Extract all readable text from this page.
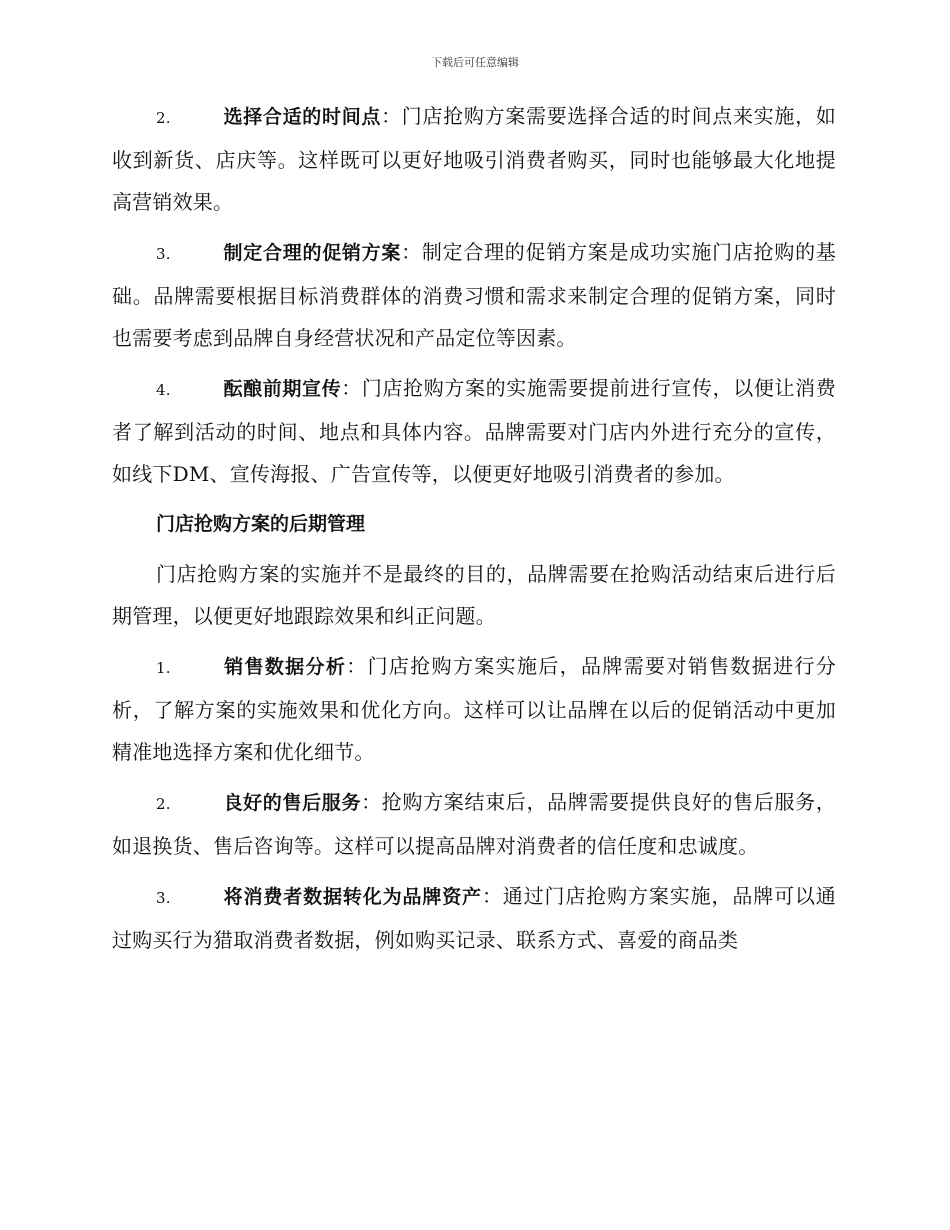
下载后可任意编辑

2.	选择合适的时间点：门店抢购方案需要选择合适的时间点来实施，如收到新货、店庆等。这样既可以更好地吸引消费者购买，同时也能够最大化地提高营销效果。

3.	制定合理的促销方案：制定合理的促销方案是成功实施门店抢购的基础。品牌需要根据目标消费群体的消费习惯和需求来制定合理的促销方案，同时也需要考虑到品牌自身经营状况和产品定位等因素。

4.	酝酿前期宣传：门店抢购方案的实施需要提前进行宣传，以便让消费者了解到活动的时间、地点和具体内容。品牌需要对门店内外进行充分的宣传，如线下DM、宣传海报、广告宣传等，以便更好地吸引消费者的参加。

门店抢购方案的后期管理

门店抢购方案的实施并不是最终的目的，品牌需要在抢购活动结束后进行后期管理，以便更好地跟踪效果和纠正问题。

1.	销售数据分析：门店抢购方案实施后，品牌需要对销售数据进行分析，了解方案的实施效果和优化方向。这样可以让品牌在以后的促销活动中更加精准地选择方案和优化细节。

2.	良好的售后服务：抢购方案结束后，品牌需要提供良好的售后服务，如退换货、售后咨询等。这样可以提高品牌对消费者的信任度和忠诚度。

3.	将消费者数据转化为品牌资产：通过门店抢购方案实施，品牌可以通过购买行为猎取消费者数据，例如购买记录、联系方式、喜爱的商品类
